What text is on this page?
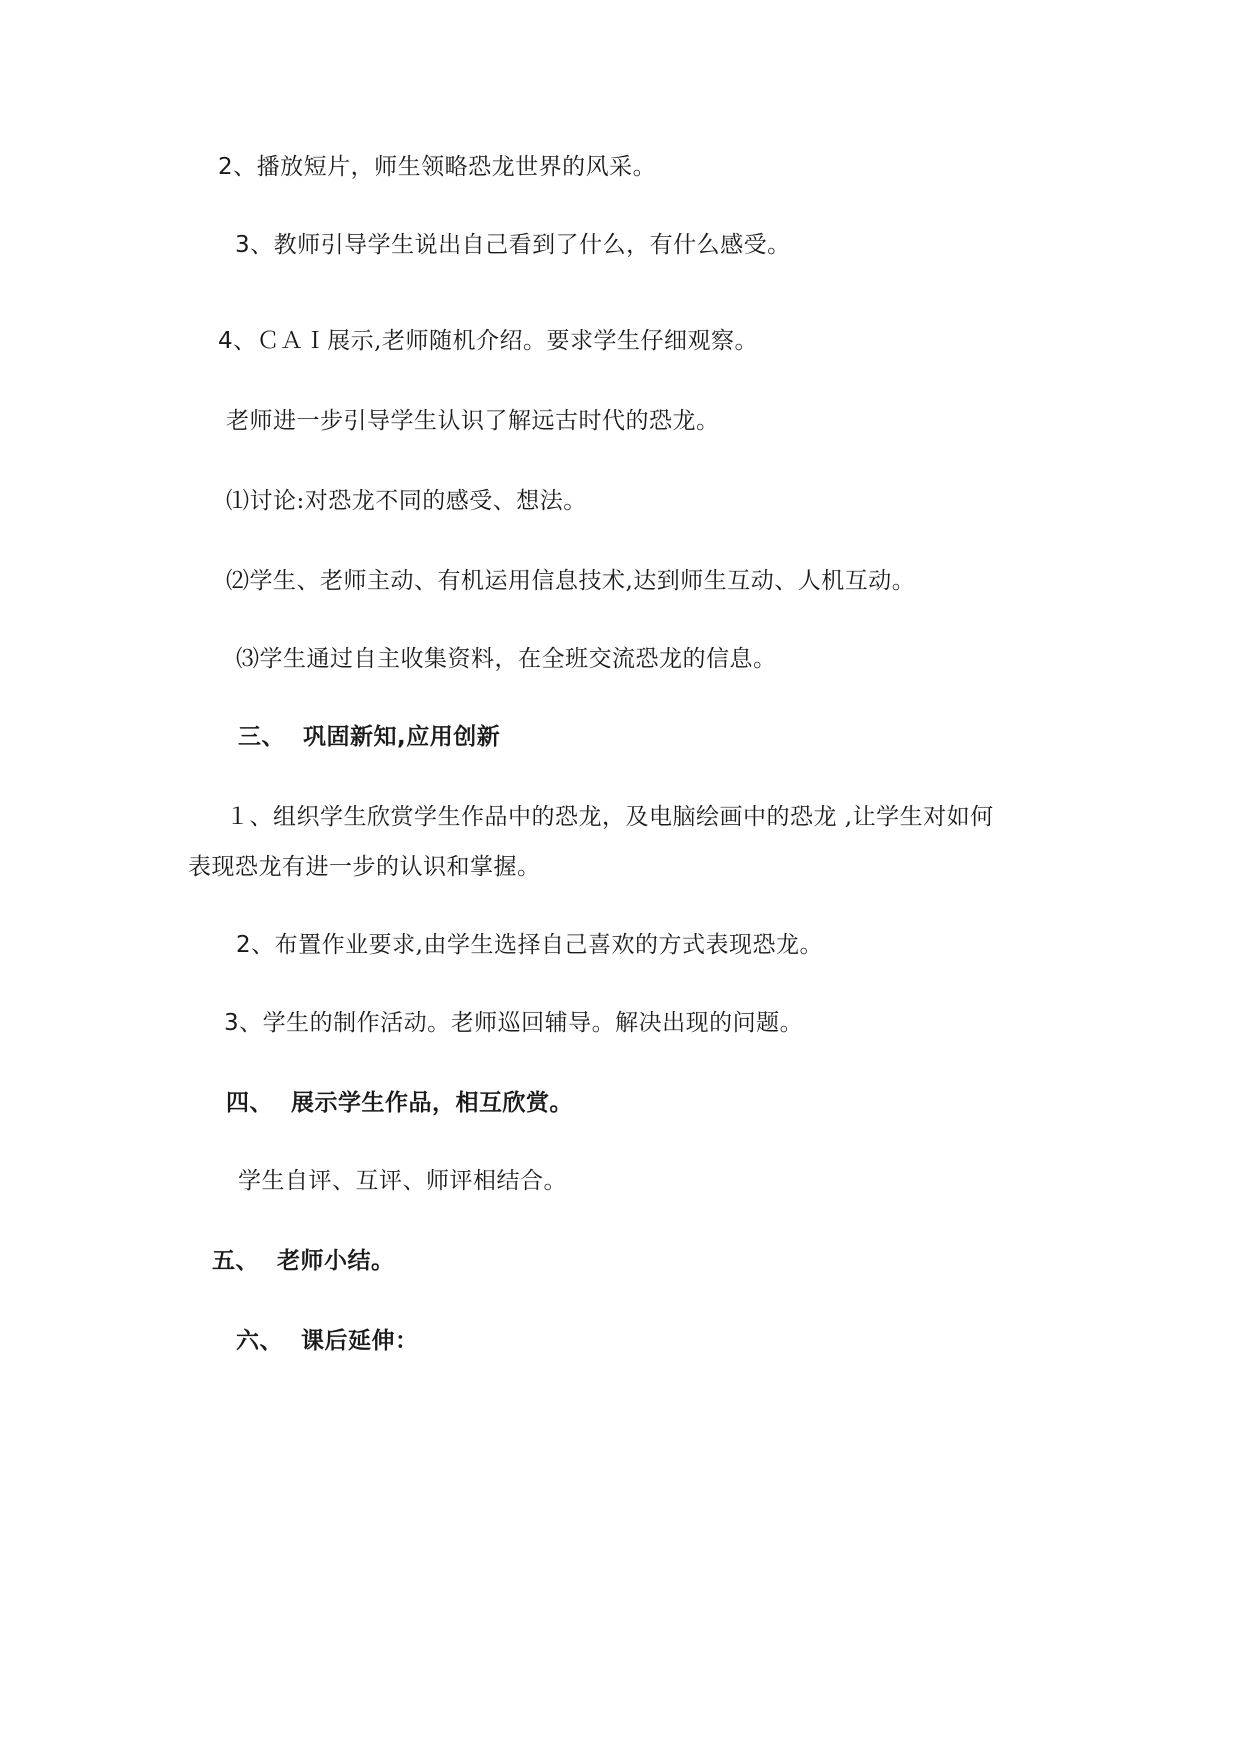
2、播放短片，师生领略恐龙世界的风采。
3、教师引导学生说出自己看到了什么，有什么感受。
4、ＣＡＩ展示,老师随机介绍。要求学生仔细观察。
老师进一步引导学生认识了解远古时代的恐龙。
⑴讨论:对恐龙不同的感受、想法。
⑵学生、老师主动、有机运用信息技术,达到师生互动、人机互动。
⑶学生通过自主收集资料，在全班交流恐龙的信息。
三、 巩固新知,应用创新
１、组织学生欣赏学生作品中的恐龙，及电脑绘画中的恐龙 ,让学生对如何
表现恐龙有进一步的认识和掌握。
2、布置作业要求,由学生选择自己喜欢的方式表现恐龙。
3、学生的制作活动。老师巡回辅导。解决出现的问题。
四、 展示学生作品，相互欣赏。
学生自评、互评、师评相结合。
五、 老师小结。
六、 课后延伸：
